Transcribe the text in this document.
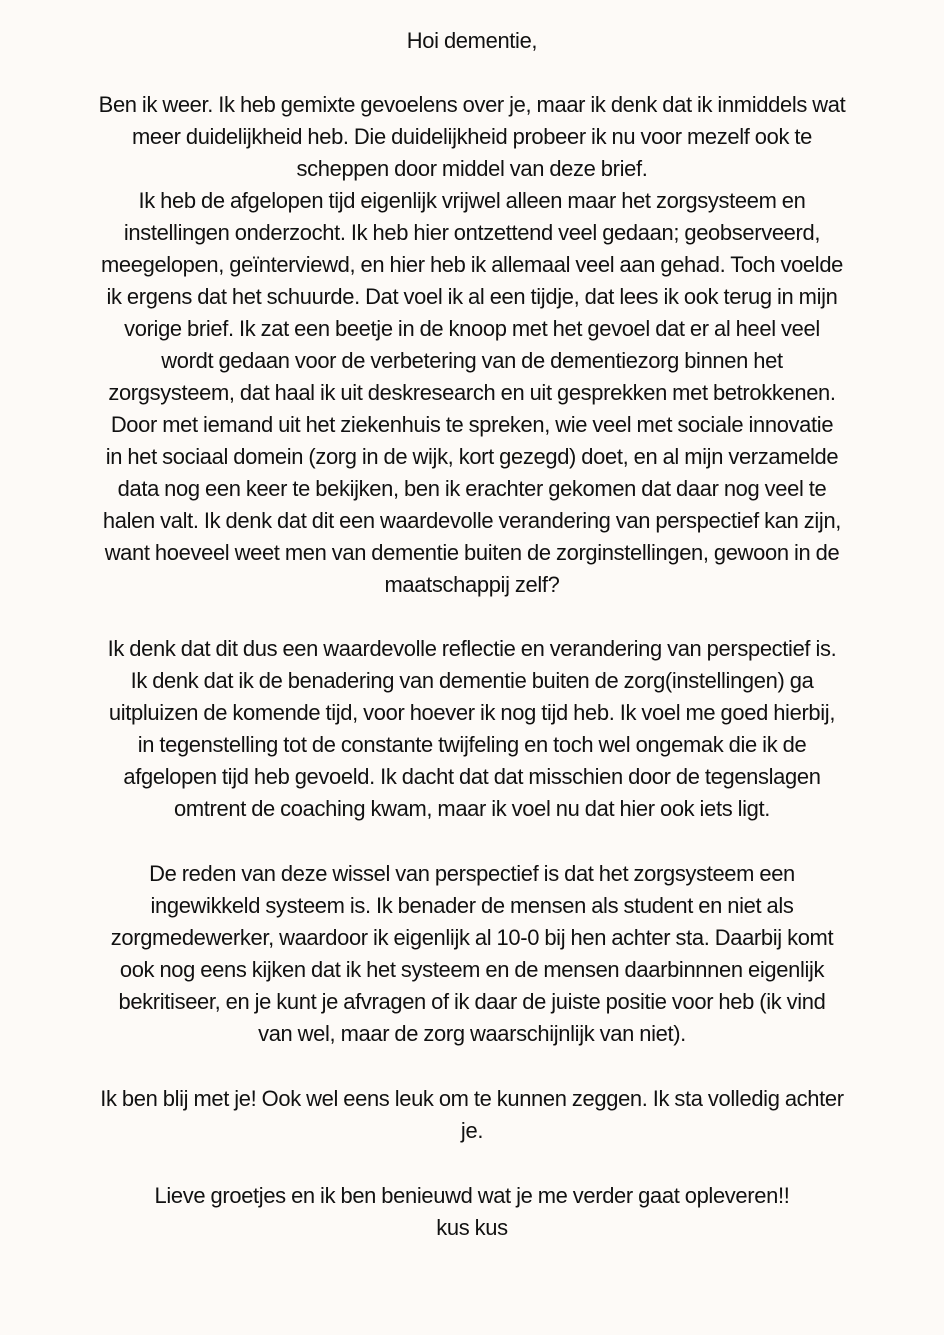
Hoi dementie,
Ben ik weer. Ik heb gemixte gevoelens over je, maar ik denk dat ik inmiddels wat
meer duidelijkheid heb. Die duidelijkheid probeer ik nu voor mezelf ook te
scheppen door middel van deze brief.
Ik heb de afgelopen tijd eigenlijk vrijwel alleen maar het zorgsysteem en
instellingen onderzocht. Ik heb hier ontzettend veel gedaan; geobserveerd,
meegelopen, geïnterviewd, en hier heb ik allemaal veel aan gehad. Toch voelde
ik ergens dat het schuurde. Dat voel ik al een tijdje, dat lees ik ook terug in mijn
vorige brief. Ik zat een beetje in de knoop met het gevoel dat er al heel veel
wordt gedaan voor de verbetering van de dementiezorg binnen het
zorgsysteem, dat haal ik uit deskresearch en uit gesprekken met betrokkenen.
Door met iemand uit het ziekenhuis te spreken, wie veel met sociale innovatie
in het sociaal domein (zorg in de wijk, kort gezegd) doet, en al mijn verzamelde
data nog een keer te bekijken, ben ik erachter gekomen dat daar nog veel te
halen valt. Ik denk dat dit een waardevolle verandering van perspectief kan zijn,
want hoeveel weet men van dementie buiten de zorginstellingen, gewoon in de
maatschappij zelf?
Ik denk dat dit dus een waardevolle reflectie en verandering van perspectief is.
Ik denk dat ik de benadering van dementie buiten de zorg(instellingen) ga
uitpluizen de komende tijd, voor hoever ik nog tijd heb. Ik voel me goed hierbij,
in tegenstelling tot de constante twijfeling en toch wel ongemak die ik de
afgelopen tijd heb gevoeld. Ik dacht dat dat misschien door de tegenslagen
omtrent de coaching kwam, maar ik voel nu dat hier ook iets ligt.
De reden van deze wissel van perspectief is dat het zorgsysteem een
ingewikkeld systeem is. Ik benader de mensen als student en niet als
zorgmedewerker, waardoor ik eigenlijk al 10-0 bij hen achter sta. Daarbij komt
ook nog eens kijken dat ik het systeem en de mensen daarbinnnen eigenlijk
bekritiseer, en je kunt je afvragen of ik daar de juiste positie voor heb (ik vind
van wel, maar de zorg waarschijnlijk van niet).
Ik ben blij met je! Ook wel eens leuk om te kunnen zeggen. Ik sta volledig achter
je.
Lieve groetjes en ik ben benieuwd wat je me verder gaat opleveren!!
kus kus
